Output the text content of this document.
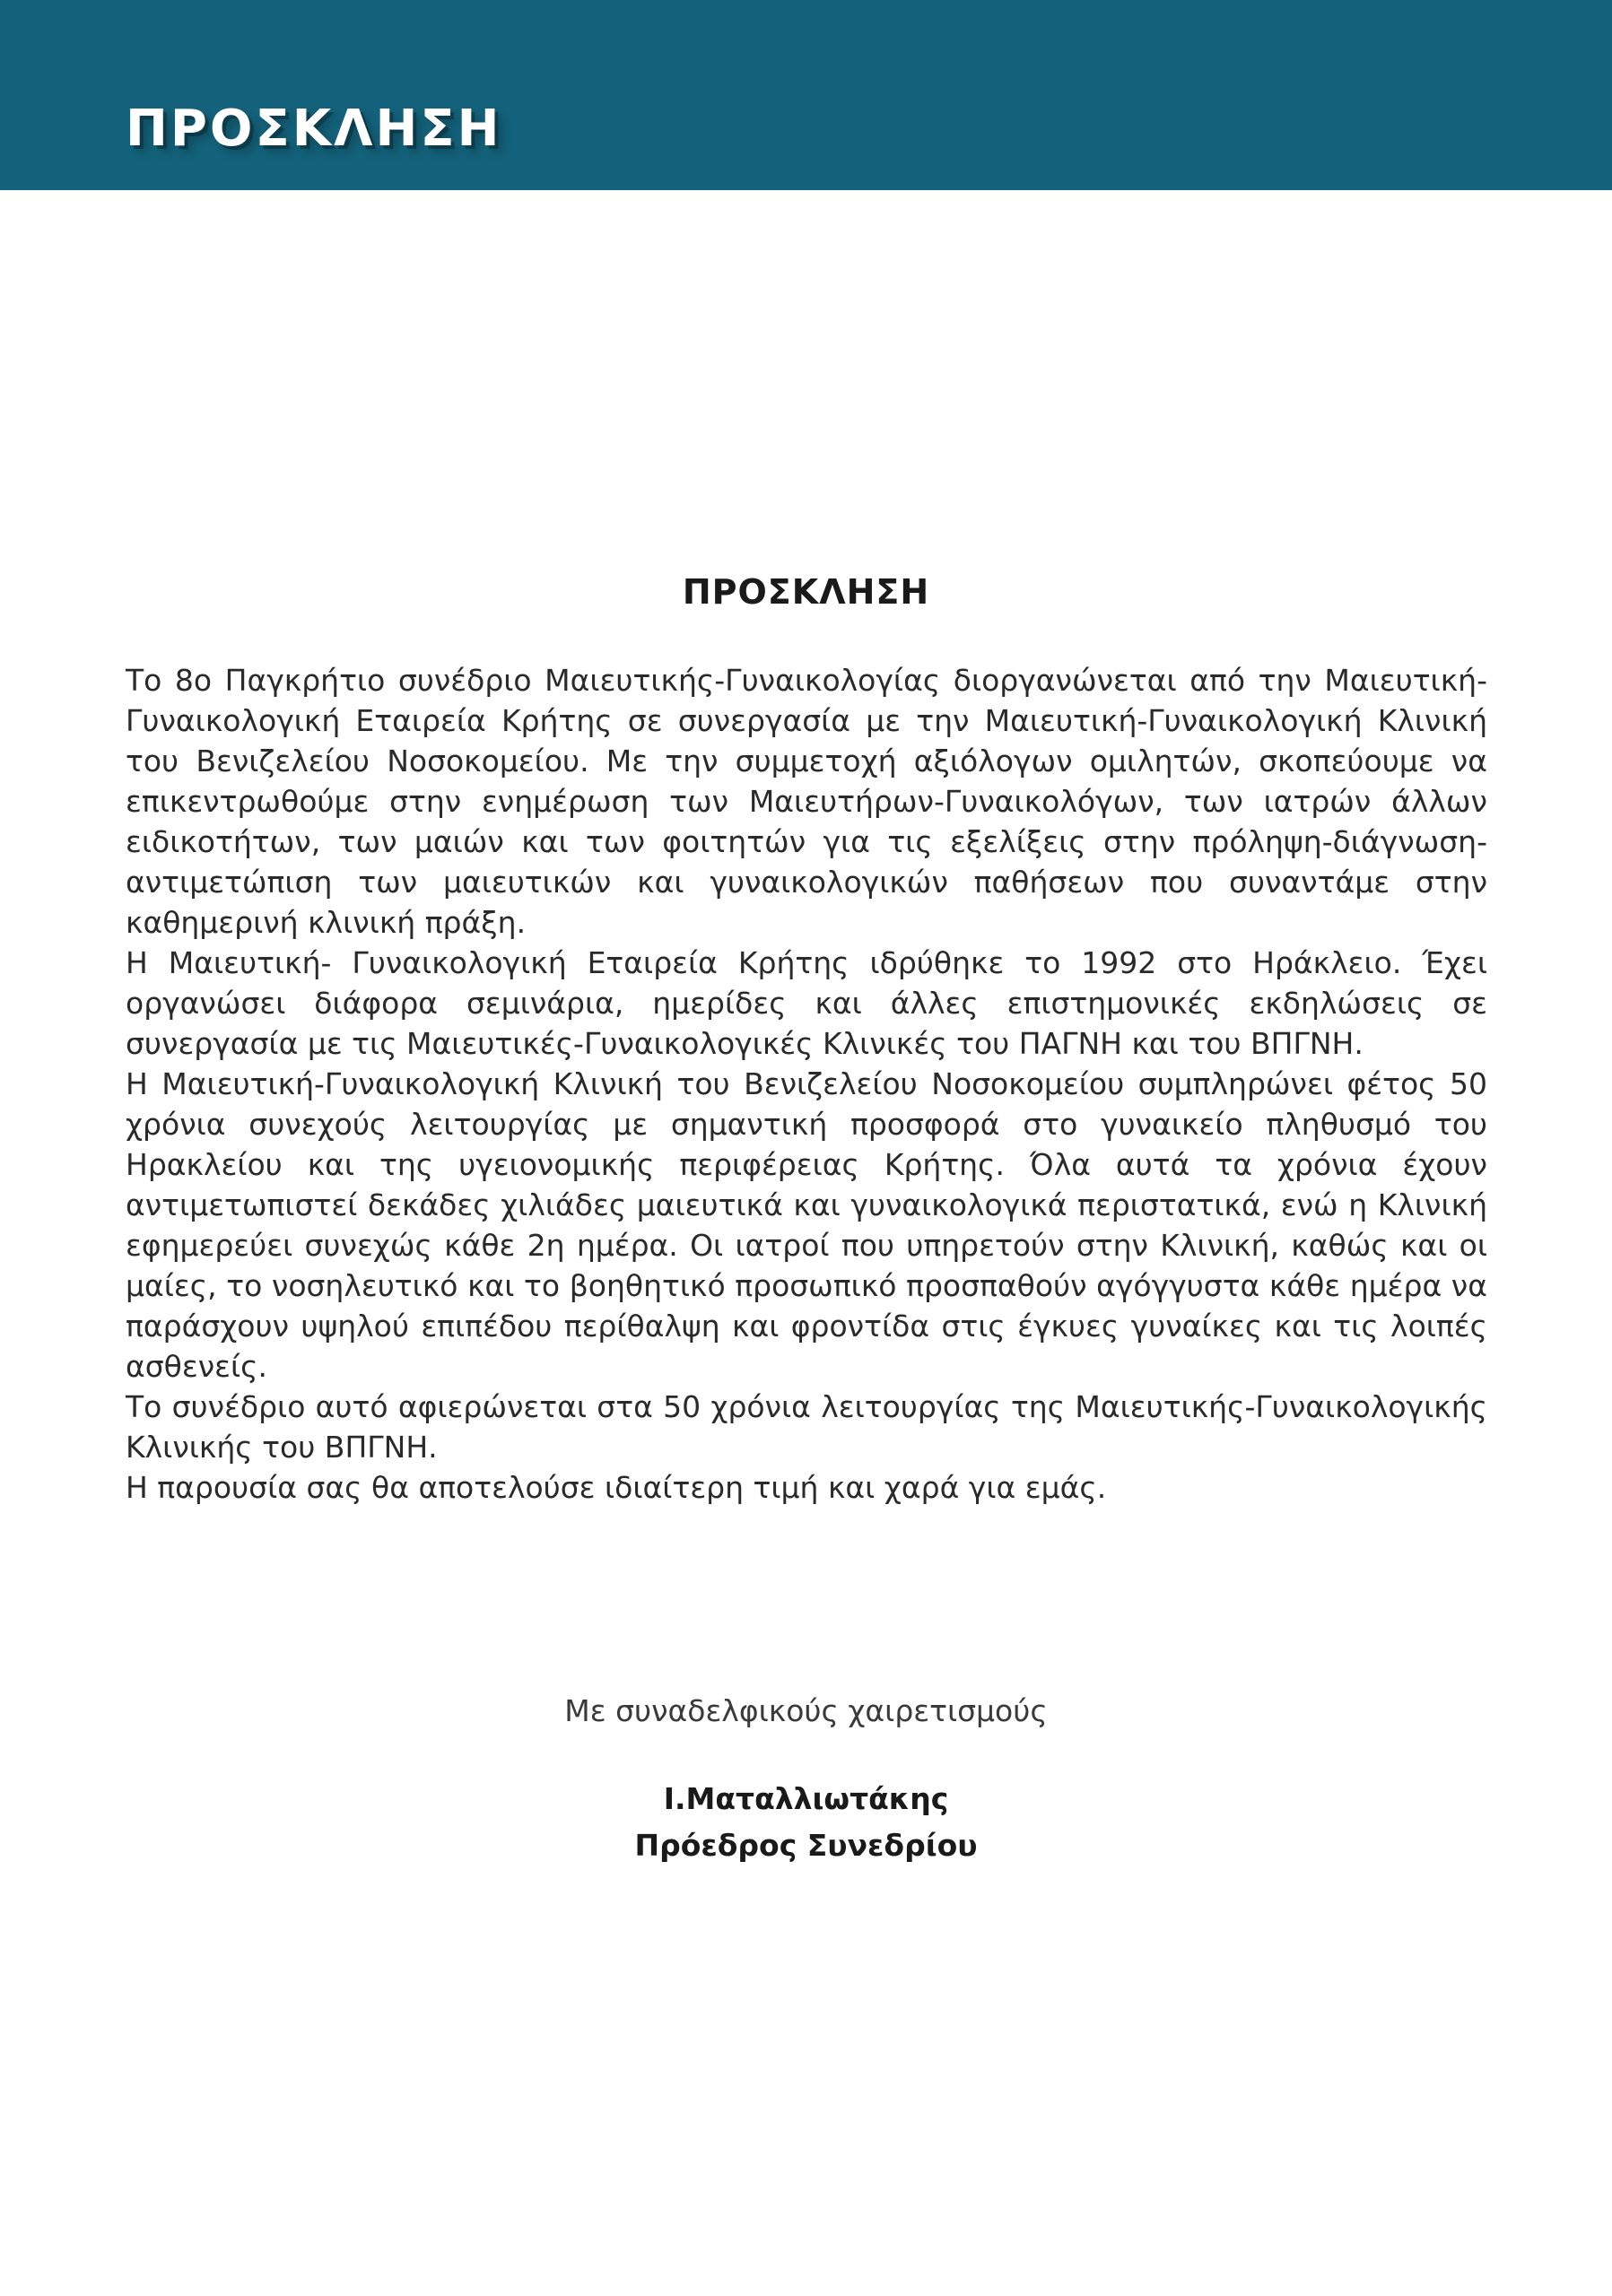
ΠΡΟΣΚΛΗΣΗ
ΠΡΟΣΚΛΗΣΗ

Το 8ο Παγκρήτιο συνέδριο Μαιευτικής-Γυναικολογίας διοργανώνεται από την Μαιευτική-Γυναικολογική Εταιρεία Κρήτης σε συνεργασία με την Μαιευτική-Γυναικολογική Κλινική του Βενιζελείου Νοσοκομείου. Με την συμμετοχή αξιόλογων ομιλητών, σκοπεύουμε να επικεντρωθούμε στην ενημέρωση των Μαιευτήρων-Γυναικολόγων, των ιατρών άλλων ειδικοτήτων, των μαιών και των φοιτητών για τις εξελίξεις στην πρόληψη-διάγνωση-αντιμετώπιση των μαιευτικών και γυναικολογικών παθήσεων που συναντάμε στην καθημερινή κλινική πράξη.

Η Μαιευτική- Γυναικολογική Εταιρεία Κρήτης ιδρύθηκε το 1992 στο Ηράκλειο. Έχει οργανώσει διάφορα σεμινάρια, ημερίδες και άλλες επιστημονικές εκδηλώσεις σε συνεργασία με τις Μαιευτικές-Γυναικολογικές Κλινικές του ΠΑΓΝΗ και του ΒΠΓΝΗ.

Η Μαιευτική-Γυναικολογική Κλινική του Βενιζελείου Νοσοκομείου συμπληρώνει φέτος 50 χρόνια συνεχούς λειτουργίας με σημαντική προσφορά στο γυναικείο πληθυσμό του Ηρακλείου και της υγειονομικής περιφέρειας Κρήτης. Όλα αυτά τα χρόνια έχουν αντιμετωπιστεί δεκάδες χιλιάδες μαιευτικά και γυναικολογικά περιστατικά, ενώ η Κλινική εφημερεύει συνεχώς κάθε 2η ημέρα. Οι ιατροί που υπηρετούν στην Κλινική, καθώς και οι μαίες, το νοσηλευτικό και το βοηθητικό προσωπικό προσπαθούν αγόγγυστα κάθε ημέρα να παράσχουν υψηλού επιπέδου περίθαλψη και φροντίδα στις έγκυες γυναίκες και τις λοιπές ασθενείς.

Το συνέδριο αυτό αφιερώνεται στα 50 χρόνια λειτουργίας της Μαιευτικής-Γυναικολογικής Κλινικής του ΒΠΓΝΗ.

Η παρουσία σας θα αποτελούσε ιδιαίτερη τιμή και χαρά για εμάς.

Με συναδελφικούς χαιρετισμούς
Ι.Ματαλλιωτάκης
Πρόεδρος Συνεδρίου
